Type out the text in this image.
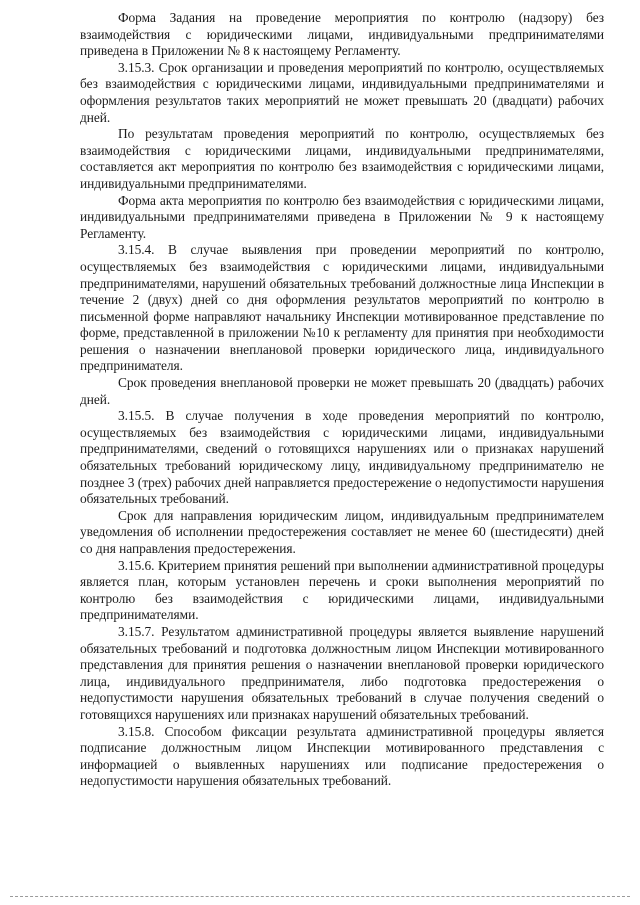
Форма Задания на проведение мероприятия по контролю (надзору) без взаимодействия с юридическими лицами, индивидуальными предпринимателями приведена в Приложении № 8 к настоящему Регламенту.

3.15.3. Срок организации и проведения мероприятий по контролю, осуществляемых без взаимодействия с юридическими лицами, индивидуальными предпринимателями и оформления результатов таких мероприятий не может превышать 20 (двадцати) рабочих дней.

По результатам проведения мероприятий по контролю, осуществляемых без взаимодействия с юридическими лицами, индивидуальными предпринимателями, составляется акт мероприятия по контролю без взаимодействия с юридическими лицами, индивидуальными предпринимателями.

Форма акта мероприятия по контролю без взаимодействия с юридическими лицами, индивидуальными предпринимателями приведена в Приложении № 9 к настоящему Регламенту.

3.15.4. В случае выявления при проведении мероприятий по контролю, осуществляемых без взаимодействия с юридическими лицами, индивидуальными предпринимателями, нарушений обязательных требований должностные лица Инспекции в течение 2 (двух) дней со дня оформления результатов мероприятий по контролю в письменной форме направляют начальнику Инспекции мотивированное представление по форме, представленной в приложении №10 к регламенту для принятия при необходимости решения о назначении внеплановой проверки юридического лица, индивидуального предпринимателя.

Срок проведения внеплановой проверки не может превышать 20 (двадцать) рабочих дней.

3.15.5. В случае получения в ходе проведения мероприятий по контролю, осуществляемых без взаимодействия с юридическими лицами, индивидуальными предпринимателями, сведений о готовящихся нарушениях или о признаках нарушений обязательных требований юридическому лицу, индивидуальному предпринимателю не позднее 3 (трех) рабочих дней направляется предостережение о недопустимости нарушения обязательных требований.

Срок для направления юридическим лицом, индивидуальным предпринимателем уведомления об исполнении предостережения составляет не менее 60 (шестидесяти) дней со дня направления предостережения.

3.15.6. Критерием принятия решений при выполнении административной процедуры является план, которым установлен перечень и сроки выполнения мероприятий по контролю без взаимодействия с юридическими лицами, индивидуальными предпринимателями.

3.15.7. Результатом административной процедуры является выявление нарушений обязательных требований и подготовка должностным лицом Инспекции мотивированного представления для принятия решения о назначении внеплановой проверки юридического лица, индивидуального предпринимателя, либо подготовка предостережения о недопустимости нарушения обязательных требований в случае получения сведений о готовящихся нарушениях или признаках нарушений обязательных требований.

3.15.8. Способом фиксации результата административной процедуры является подписание должностным лицом Инспекции мотивированного представления с информацией о выявленных нарушениях или подписание предостережения о недопустимости нарушения обязательных требований.
